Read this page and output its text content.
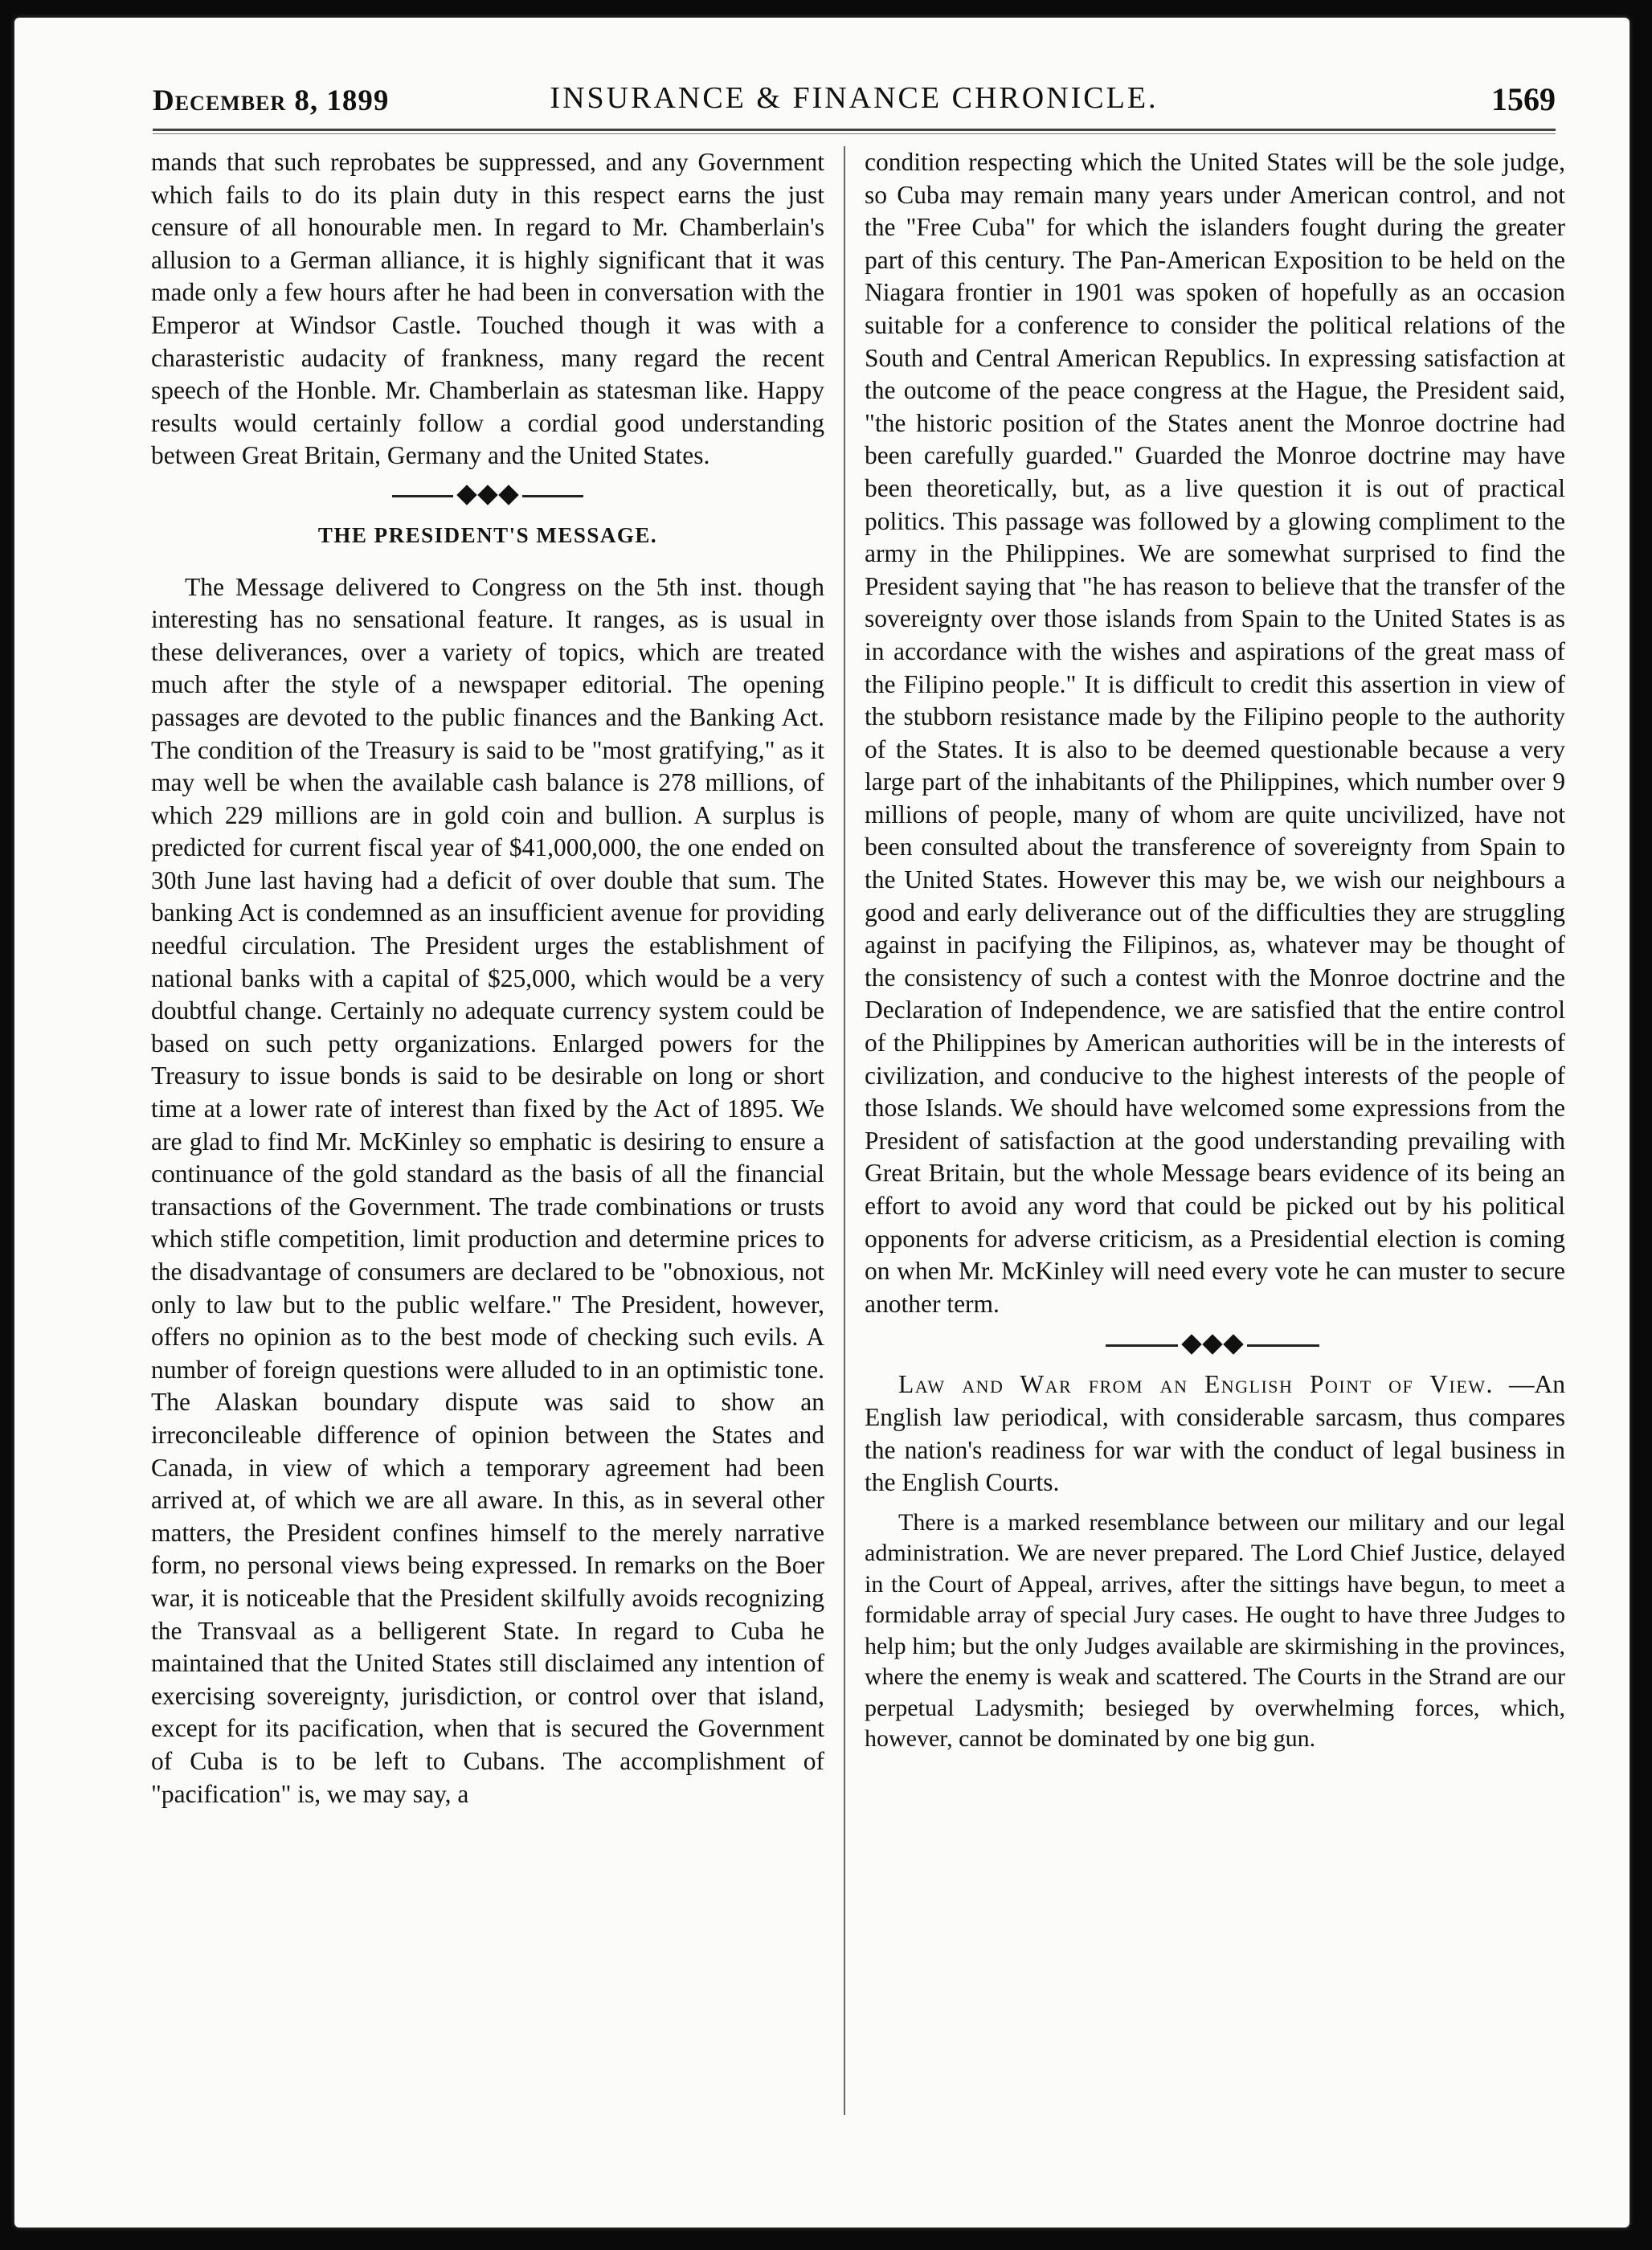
December 8, 1899	INSURANCE & FINANCE CHRONICLE.	1569

mands that such reprobates be suppressed, and any Government which fails to do its plain duty in this respect earns the just censure of all honourable men. In regard to Mr. Chamberlain's allusion to a German alliance, it is highly significant that it was made only a few hours after he had been in conversation with the Emperor at Windsor Castle. Touched though it was with a charasteristic audacity of frankness, many regard the recent speech of the Honble. Mr. Chamberlain as statesman like. Happy results would certainly follow a cordial good understanding between Great Britain, Germany and the United States.

THE PRESIDENT'S MESSAGE.

The Message delivered to Congress on the 5th inst. though interesting has no sensational feature. It ranges, as is usual in these deliverances, over a variety of topics, which are treated much after the style of a newspaper editorial. The opening passages are devoted to the public finances and the Banking Act. The condition of the Treasury is said to be "most gratifying," as it may well be when the available cash balance is 278 millions, of which 229 millions are in gold coin and bullion. A surplus is predicted for current fiscal year of $41,000,000, the one ended on 30th June last having had a deficit of over double that sum. The banking Act is condemned as an insufficient avenue for providing needful circulation. The President urges the establishment of national banks with a capital of $25,000, which would be a very doubtful change. Certainly no adequate currency system could be based on such petty organizations. Enlarged powers for the Treasury to issue bonds is said to be desirable on long or short time at a lower rate of interest than fixed by the Act of 1895. We are glad to find Mr. McKinley so emphatic is desiring to ensure a continuance of the gold standard as the basis of all the financial transactions of the Government. The trade combinations or trusts which stifle competition, limit production and determine prices to the disadvantage of consumers are declared to be "obnoxious, not only to law but to the public welfare." The President, however, offers no opinion as to the best mode of checking such evils. A number of foreign questions were alluded to in an optimistic tone. The Alaskan boundary dispute was said to show an irreconcileable difference of opinion between the States and Canada, in view of which a temporary agreement had been arrived at, of which we are all aware. In this, as in several other matters, the President confines himself to the merely narrative form, no personal views being expressed. In remarks on the Boer war, it is noticeable that the President skilfully avoids recognizing the Transvaal as a belligerent State. In regard to Cuba he maintained that the United States still disclaimed any intention of exercising sovereignty, jurisdiction, or control over that island, except for its pacification, when that is secured the Government of Cuba is to be left to Cubans. The accomplishment of "pacification" is, we may say, a

condition respecting which the United States will be the sole judge, so Cuba may remain many years under American control, and not the "Free Cuba" for which the islanders fought during the greater part of this century. The Pan-American Exposition to be held on the Niagara frontier in 1901 was spoken of hopefully as an occasion suitable for a conference to consider the political relations of the South and Central American Republics. In expressing satisfaction at the outcome of the peace congress at the Hague, the President said, "the historic position of the States anent the Monroe doctrine had been carefully guarded." Guarded the Monroe doctrine may have been theoretically, but, as a live question it is out of practical politics. This passage was followed by a glowing compliment to the army in the Philippines. We are somewhat surprised to find the President saying that "he has reason to believe that the transfer of the sovereignty over those islands from Spain to the United States is as in accordance with the wishes and aspirations of the great mass of the Filipino people." It is difficult to credit this assertion in view of the stubborn resistance made by the Filipino people to the authority of the States. It is also to be deemed questionable because a very large part of the inhabitants of the Philippines, which number over 9 millions of people, many of whom are quite uncivilized, have not been consulted about the transference of sovereignty from Spain to the United States. However this may be, we wish our neighbours a good and early deliverance out of the difficulties they are struggling against in pacifying the Filipinos, as, whatever may be thought of the consistency of such a contest with the Monroe doctrine and the Declaration of Independence, we are satisfied that the entire control of the Philippines by American authorities will be in the interests of civilization, and conducive to the highest interests of the people of those Islands. We should have welcomed some expressions from the President of satisfaction at the good understanding prevailing with Great Britain, but the whole Message bears evidence of its being an effort to avoid any word that could be picked out by his political opponents for adverse criticism, as a Presidential election is coming on when Mr. McKinley will need every vote he can muster to secure another term.

Law and War from an English Point of View. —An English law periodical, with considerable sarcasm, thus compares the nation's readiness for war with the conduct of legal business in the English Courts.

There is a marked resemblance between our military and our legal administration. We are never prepared. The Lord Chief Justice, delayed in the Court of Appeal, arrives, after the sittings have begun, to meet a formidable array of special Jury cases. He ought to have three Judges to help him; but the only Judges available are skirmishing in the provinces, where the enemy is weak and scattered. The Courts in the Strand are our perpetual Ladysmith; besieged by overwhelming forces, which, however, cannot be dominated by one big gun.
